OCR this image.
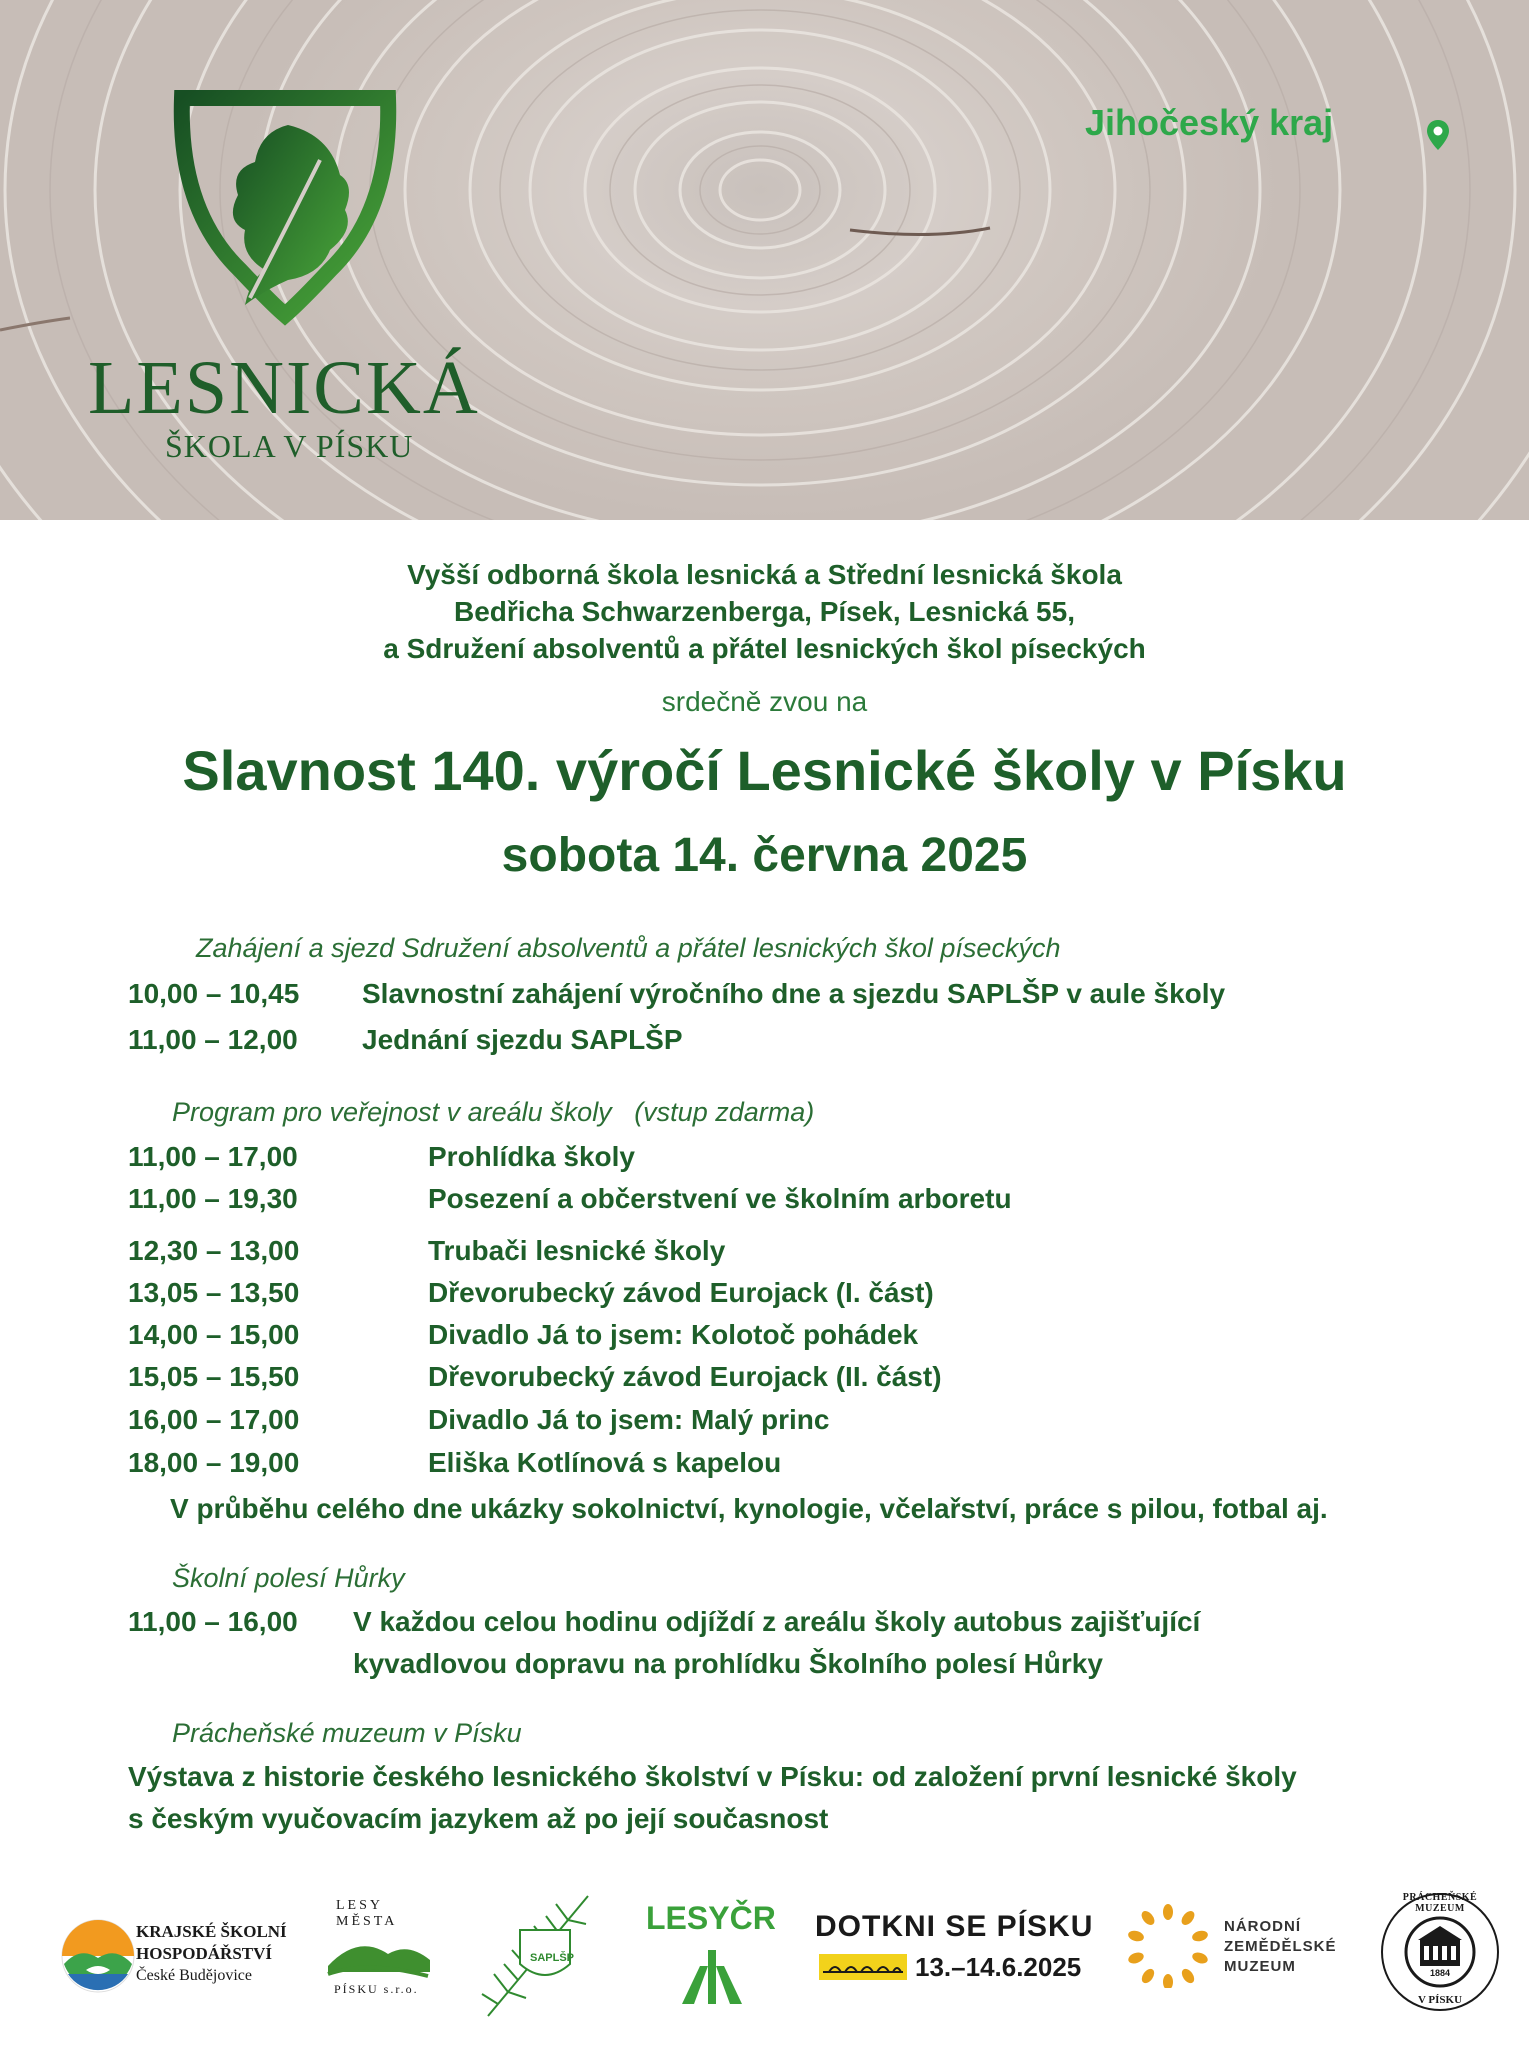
LESNICKÁ
ŠKOLA V PÍSKU
Jihočeský kraj
Vyšší odborná škola lesnická a Střední lesnická škola
Bedřicha Schwarzenberga, Písek, Lesnická 55,
a Sdružení absolventů a přátel lesnických škol píseckých
srdečně zvou na
Slavnost 140. výročí Lesnické školy v Písku
sobota 14. června 2025
Zahájení a sjezd Sdružení absolventů a přátel lesnických škol píseckých
10,00 – 10,45 Slavnostní zahájení výročního dne a sjezdu SAPLŠP v aule školy
11,00 – 12,00 Jednání sjezdu SAPLŠP
Program pro veřejnost v areálu školy   (vstup zdarma)
11,00 – 17,00	Prohlídka školy
11,00 – 19,30	Posezení a občerstvení ve školním arboretu
12,30 – 13,00	Trubači lesnické školy
13,05 – 13,50	Dřevorubecký závod Eurojack (I. část)
14,00 – 15,00	Divadlo Já to jsem: Kolotoč pohádek
15,05 – 15,50	Dřevorubecký závod Eurojack (II. část)
16,00 – 17,00	Divadlo Já to jsem: Malý princ
18,00 – 19,00	Eliška Kotlínová s kapelou
V průběhu celého dne ukázky sokolnictví, kynologie, včelařství, práce s pilou, fotbal aj.
Školní polesí Hůrky
11,00 – 16,00 V každou celou hodinu odjíždí z areálu školy autobus zajišťující
kyvadlovou dopravu na prohlídku Školního polesí Hůrky
Prácheňské muzeum v Písku
Výstava z historie českého lesnického školství v Písku: od založení první lesnické školy
s českým vyučovacím jazykem až po její současnost
KRAJSKÉ ŠKOLNÍ
HOSPODÁŘSTVÍ
České Budějovice
LESY MĚSTA
PÍSKU s.r.o.
SAPLŠP
LESYČR DOTKNI SE PÍSKU
13.–14.6.2025
NÁRODNÍ
ZEMĚDĚLSKÉ
MUZEUM
PRÁCHEŇSKÉ MUZEUM
1884
V PÍSKU
